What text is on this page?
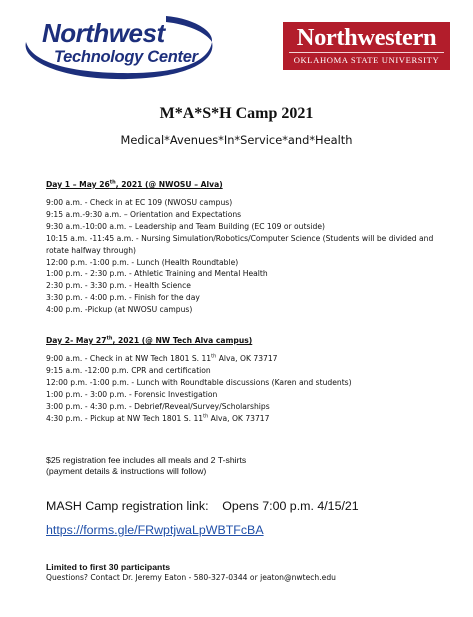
Northwest
Technology Center
Northwestern
OKLAHOMA STATE UNIVERSITY
M*A*S*H Camp 2021
Medical*Avenues*In*Service*and*Health
Day 1 – May 26th, 2021 (@ NWOSU – Alva)
9:00 a.m. - Check in at EC 109 (NWOSU campus)
9:15 a.m.-9:30 a.m. – Orientation and Expectations
9:30 a.m.-10:00 a.m. – Leadership and Team Building (EC 109 or outside)
10:15 a.m. -11:45 a.m. - Nursing Simulation/Robotics/Computer Science (Students will be divided and
rotate halfway through)
12:00 p.m. -1:00 p.m. - Lunch (Health Roundtable)
1:00 p.m. - 2:30 p.m. - Athletic Training and Mental Health
2:30 p.m. - 3:30 p.m. - Health Science
3:30 p.m. - 4:00 p.m. - Finish for the day
4:00 p.m. -Pickup (at NWOSU campus)
Day 2- May 27th, 2021 (@ NW Tech Alva campus)
9:00 a.m. - Check in at NW Tech 1801 S. 11th Alva, OK 73717
9:15 a.m. -12:00 p.m. CPR and certification
12:00 p.m. -1:00 p.m. - Lunch with Roundtable discussions (Karen and students)
1:00 p.m. - 3:00 p.m. - Forensic Investigation
3:00 p.m. - 4:30 p.m. - Debrief/Reveal/Survey/Scholarships
4:30 p.m. - Pickup at NW Tech 1801 S. 11th Alva, OK 73717
$25 registration fee includes all meals and 2 T-shirts
(payment details & instructions will follow)
MASH Camp registration link: Opens 7:00 p.m. 4/15/21
https://forms.gle/FRwptjwaLpWBTFcBA
Limited to first 30 participants
Questions? Contact Dr. Jeremy Eaton - 580-327-0344 or jeaton@nwtech.edu
